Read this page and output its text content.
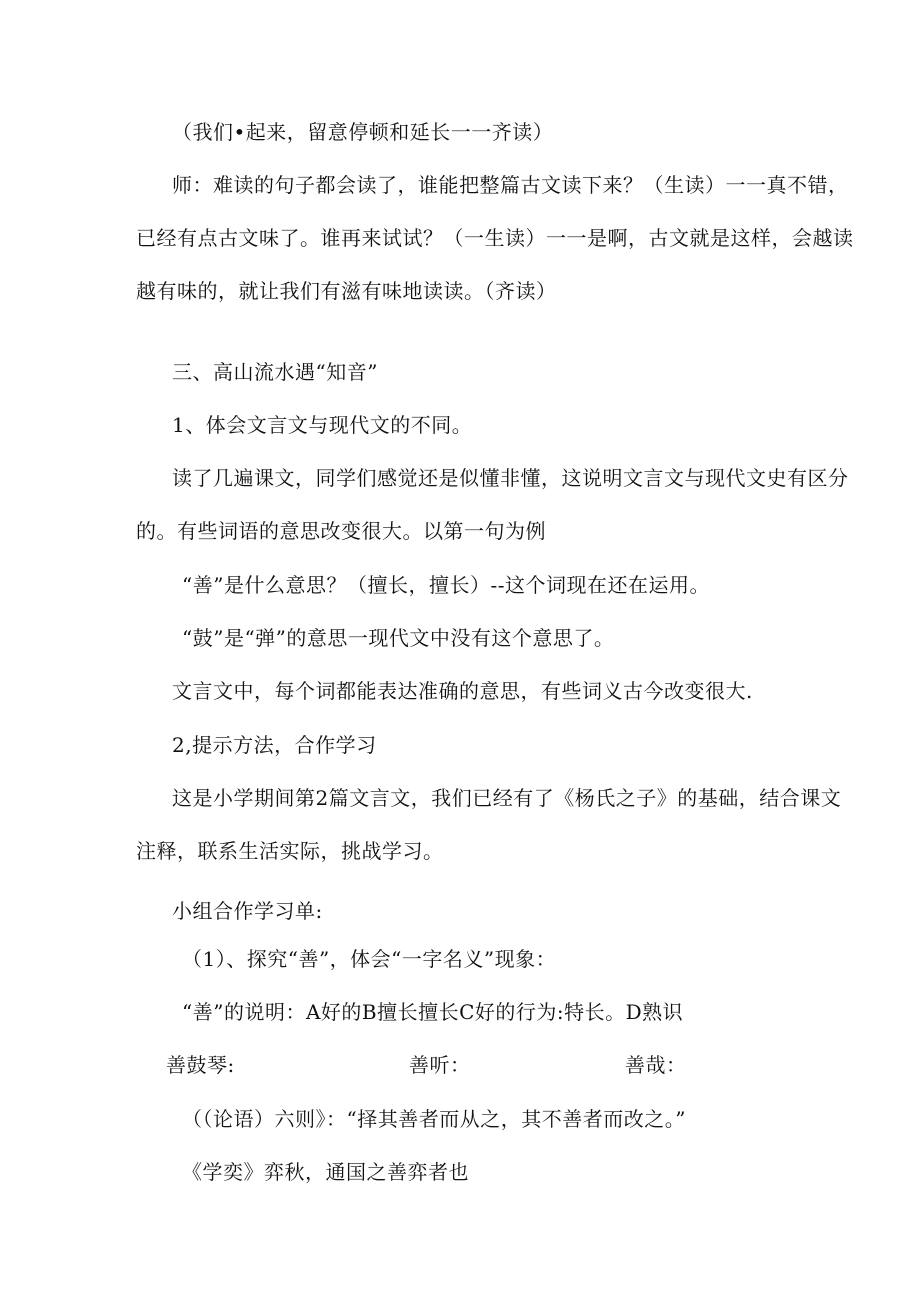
（我们•起来，留意停顿和延长一一齐读）
师：难读的句子都会读了，谁能把整篇古文读下来？（生读）一一真不错，
已经有点古文味了。谁再来试试？（一生读）一一是啊，古文就是这样，会越读
越有味的，就让我们有滋有味地读读。（齐读）
三、高山流水遇“知音”
1、体会文言文与现代文的不同。
读了几遍课文，同学们感觉还是似懂非懂，这说明文言文与现代文史有区分
的。有些词语的意思改变很大。以第一句为例
“善”是什么意思？（擅长，擅长）--这个词现在还在运用。
“鼓”是“弹”的意思一现代文中没有这个意思了。
文言文中，每个词都能表达准确的意思，有些词义古今改变很大.
2,提示方法，合作学习
这是小学期间第2篇文言文，我们已经有了《杨氏之子》的基础，结合课文
注释，联系生活实际，挑战学习。
小组合作学习单:
（1）、探究“善”，体会“一字名义”现象：
“善”的说明：A好的B擅长擅长C好的行为:特长。D熟识
善鼓琴:	善听：	善哉：
（（论语）六则》：“择其善者而从之，其不善者而改之。”
《学奕》弈秋，通国之善弈者也
